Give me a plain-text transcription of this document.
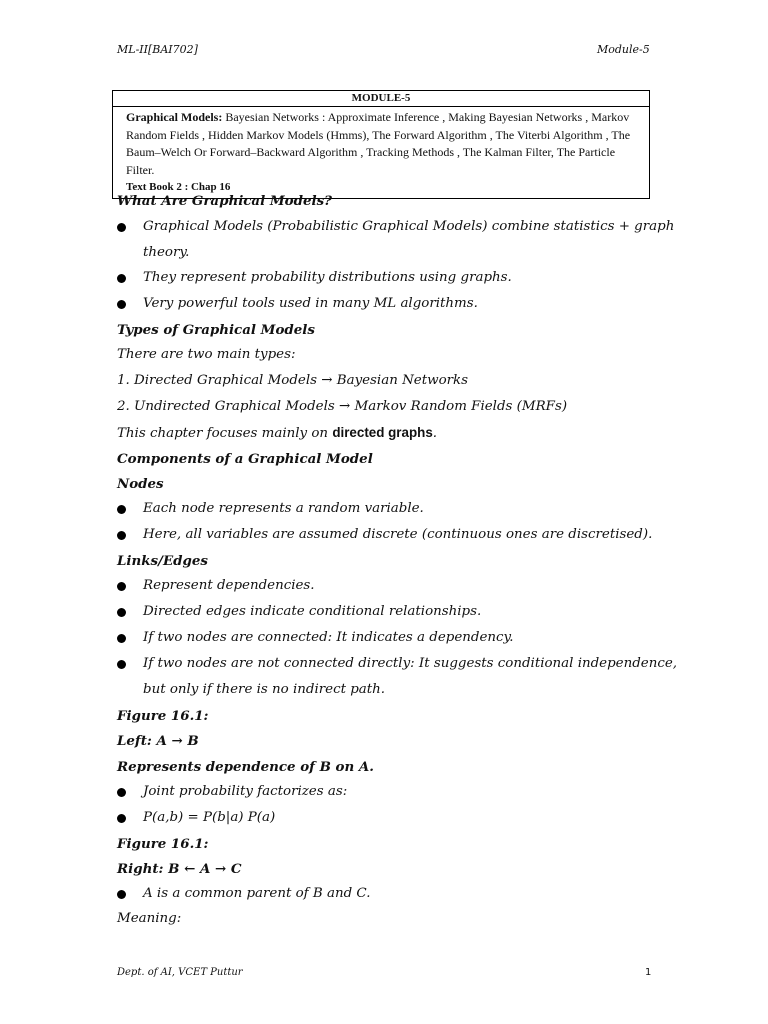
ML-II[BAI702]	Module-5
MODULE-5
Graphical Models: Bayesian Networks : Approximate Inference , Making Bayesian Networks , Markov
Random Fields , Hidden Markov Models (Hmms), The Forward Algorithm , The Viterbi Algorithm , The
Baum–Welch Or Forward–Backward Algorithm , Tracking Methods , The Kalman Filter, The Particle
Filter.
Text Book 2 : Chap 16
What Are Graphical Models?
Graphical Models (Probabilistic Graphical Models) combine statistics + graph
theory.
They represent probability distributions using graphs.
Very powerful tools used in many ML algorithms.
Types of Graphical Models
There are two main types:
1. Directed Graphical Models → Bayesian Networks
2. Undirected Graphical Models → Markov Random Fields (MRFs)
This chapter focuses mainly on directed graphs.
Components of a Graphical Model
Nodes
Each node represents a random variable.
Here, all variables are assumed discrete (continuous ones are discretised).
Links/Edges
Represent dependencies.
Directed edges indicate conditional relationships.
If two nodes are connected: It indicates a dependency.
If two nodes are not connected directly: It suggests conditional independence,
but only if there is no indirect path.
Figure 16.1:
Left: A → B
Represents dependence of B on A.
Joint probability factorizes as:
P(a,b) = P(b|a) P(a)
Figure 16.1:
Right: B ← A → C
A is a common parent of B and C.
Meaning:
Dept. of AI, VCET Puttur	1
